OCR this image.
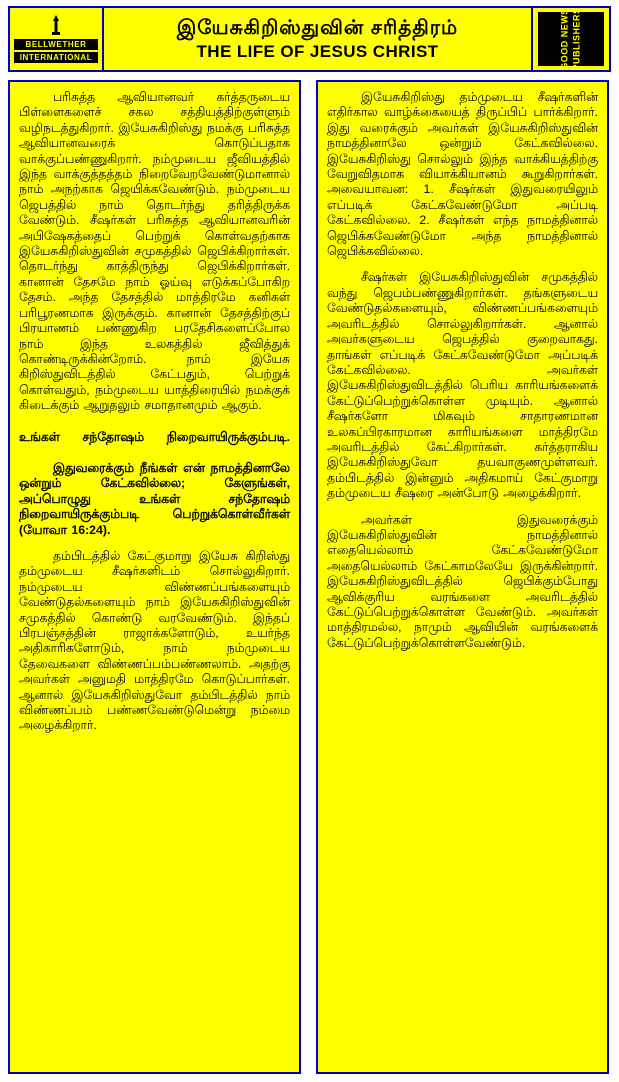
BELLWETHER
INTERNATIONAL
இயேசுகிறிஸ்துவின் சரித்திரம்
THE LIFE OF JESUS CHRIST	GOOD NEWS PUBLISHERS

பரிசுத்த ஆவியானவர் கர்த்தருடைய பிள்ளைகளைச் சகல சத்தியத்திற்குள்ளும் வழிநடத்துகிறார். இயேசுகிறிஸ்து நமக்கு பரிசுத்த ஆவியானவரைக் கொடுப்பதாக வாக்குப்பண்ணுகிறார். நம்முடைய ஜீவியத்தில் இந்த வாக்குத்தத்தம் நிறைவேறவேண்டுமானால் நாம் அநற்காக ஜெயிக்கவேண்டும். நம்முடைய ஜெபத்தில் நாம் தொடர்ந்து தரித்திருக்க வேண்டும். சீஷர்கள் பரிசுத்த ஆவியானவரின் அபிஷேகத்தைப் பெற்றுக் கொள்வதற்காக இயேசுகிறிஸ்துவின் சமுகத்தில் ஜெபிக்கிறார்கள். தொடர்ந்து காத்திருந்து ஜெபிக்கிறார்கள். கானான் தேசமே நாம் ஓய்வு எடுக்கப்போகிற தேசம். அந்த தேசத்தில் மாத்திரமே கனிகள் பரிபூரணமாக இருக்கும். கானான் தேசத்திற்குப் பிரயாணம் பண்ணுகிற பரதேசிகளைப்போல நாம் இந்த உலகத்தில் ஜீவித்துக் கொண்டிருக்கின்றோம். நாம் இயேசு கிறிஸ்துவிடத்தில் கேட்பதும், பெற்றுக் கொள்வதும், நம்முடைய யாத்திரையில் நமக்குக் கிடைக்கும் ஆறுதலும் சமாதானமும் ஆகும்.

உங்கள் சந்தோஷம் நிறைவாயிருக்கும்படி.

இதுவரைக்கும் நீங்கள் என் நாமத்தினாலே ஒன்றும் கேட்கவில்லை; கேளுங்கள், அப்பொழுது உங்கள் சந்தோஷம் நிறைவாயிருக்கும்படி பெற்றுக்கொள்வீர்கள் (யோவா 16:24).

தம்பிடத்தில் கேட்குமாறு இயேசு கிறிஸ்து தம்முடைய சீஷர்களிடம் சொல்லுகிறார். நம்முடைய விண்ணப்பங்களையும் வேண்டுதல்களையும் நாம் இயேசுகிறிஸ்துவின் சமுகத்தில் கொண்டு வரவேண்டும். இந்தப் பிரபஞ்சத்தின் ராஜாக்களோடும், உயர்ந்த அதிகாரிகளோடும், நாம் நம்முடைய தேவைகளை விண்ணப்பம்பண்ணலாம். அதற்கு அவர்கள் அனுமதி மாத்திரமே கொடுப்பார்கள். ஆனால் இயேசுகிறிஸ்துவோ தம்பிடத்தில் நாம் விண்ணப்பம் பண்ணவேண்டுமென்று நம்மை அழைக்கிறார்.

இயேசுகிறிஸ்து தம்முடைய சீஷர்களின் எதிர்கால வாழ்க்கையைத் திருப்பிப் பார்க்கிறார். இது வரைக்கும் அவர்கள் இயேசுகிறிஸ்துவின் நாமத்தினாலே ஒன்றும் கேட்கவில்லை. இயேசுகிறிஸ்து சொல்லும் இந்த வாக்கியத்திற்கு வேறுவிதமாக வியாக்கியானம் கூறுகிறார்கள். அவையாவன: 1. சீஷர்கள் இதுவரையிலும் எப்படிக் கேட்கவேண்டுமோ அப்படி கேட்கவில்லை. 2. சீஷர்கள் எந்த நாமத்தினால் ஜெபிக்கவேண்டுமோ அந்த நாமத்தினால் ஜெபிக்கவில்லை.

சீஷர்கள் இயேசுகிறிஸ்துவின் சமுகத்தில் வந்து ஜெபம்பண்ணுகிறார்கள். தங்களுடைய வேண்டுதல்களையும், விண்ணப்பங்களையும் அவரிடத்தில் சொல்லுகிறார்கள். ஆனால் அவர்களுடைய ஜெபத்தில் குறைவாகது. தாங்கள் எப்படிக் கேட்கவேண்டுமோ அப்படிக் கேட்கவில்லை. அவர்கள் இயேசுகிறிஸ்துவிடத்தில் பெரிய காரியங்களைக் கேட்டுப்பெற்றுக்கொள்ள முடியும். ஆனால் சீஷர்களோ மிகவும் சாதாரணமான உலகப்பிரகாரமான காரியங்களை மாத்திரமே அவரிடத்தில் கேட்கிறார்கள். கர்த்தராகிய இயேசுகிறிஸ்துவோ தயவாகுணமுள்ளவர். தம்பிடத்தில் இன்னும் அதிகமாய் கேட்குமாறு தம்முடைய சீஷரை அன்போடு அழைக்கிறார்.

அவர்கள் இதுவரைக்கும் இயேசுகிறிஸ்துவின் நாமத்தினால் எதையெல்லாம் கேட்கவேண்டுமோ அதையெல்லாம் கேட்காமலேயே இருக்கின்றார். இயேசுகிறிஸ்துவிடத்தில் ஜெபிக்கும்போது ஆவிக்குரிய வரங்களை அவரிடத்தில் கேட்டுப்பெற்றுக்கொள்ள வேண்டும். அவர்கள் மாத்திரமல்ல, நாமும் ஆவியின் வரங்களைக் கேட்டுப்பெற்றுக்கொள்ளவேண்டும்.
